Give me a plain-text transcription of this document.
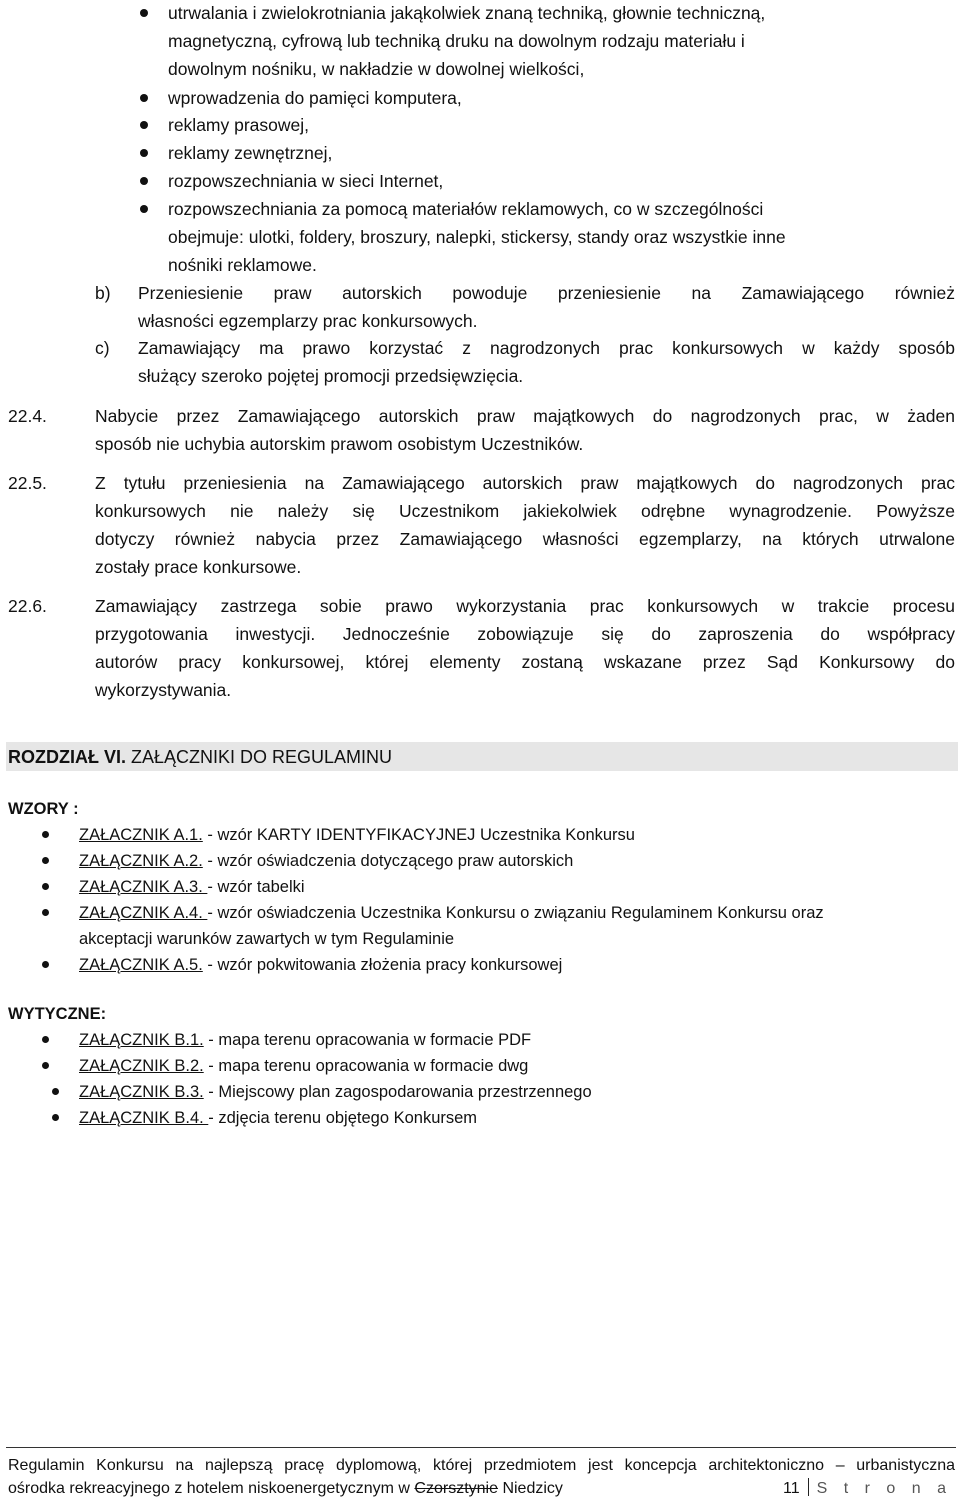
utrwalania i zwielokrotniania jakąkolwiek znaną techniką, głownie techniczną,
magnetyczną, cyfrową lub techniką druku na dowolnym rodzaju materiału i
dowolnym nośniku, w nakładzie w dowolnej wielkości,
wprowadzenia do pamięci komputera,
reklamy prasowej,
reklamy zewnętrznej,
rozpowszechniania w sieci Internet,
rozpowszechniania za pomocą materiałów reklamowych, co w szczególności
obejmuje: ulotki, foldery, broszury, nalepki, stickersy, standy oraz wszystkie inne
nośniki reklamowe.
b) Przeniesienie praw autorskich powoduje przeniesienie na Zamawiającego również
własności egzemplarzy prac konkursowych.
c) Zamawiający ma prawo korzystać z nagrodzonych prac konkursowych w każdy sposób
służący szeroko pojętej promocji przedsięwzięcia.
22.4.	Nabycie przez Zamawiającego autorskich praw majątkowych do nagrodzonych prac, w żaden
sposób nie uchybia autorskim prawom osobistym Uczestników.
22.5.	Z tytułu przeniesienia na Zamawiającego autorskich praw majątkowych do nagrodzonych prac
konkursowych nie należy się Uczestnikom jakiekolwiek odrębne wynagrodzenie. Powyższe
dotyczy również nabycia przez Zamawiającego własności egzemplarzy, na których utrwalone
zostały prace konkursowe.
22.6.	Zamawiający zastrzega sobie prawo wykorzystania prac konkursowych w trakcie procesu
przygotowania inwestycji. Jednocześnie zobowiązuje się do zaproszenia do współpracy
autorów pracy konkursowej, której elementy zostaną wskazane przez Sąd Konkursowy do
wykorzystywania.
ROZDZIAŁ VI. ZAŁĄCZNIKI DO REGULAMINU
WZORY :
ZAŁACZNIK A.1. - wzór KARTY IDENTYFIKACYJNEJ Uczestnika Konkursu
ZAŁĄCZNIK A.2. - wzór oświadczenia dotyczącego praw autorskich
ZAŁĄCZNIK A.3. - wzór tabelki
ZAŁĄCZNIK A.4. - wzór oświadczenia Uczestnika Konkursu o związaniu Regulaminem Konkursu oraz
akceptacji warunków zawartych w tym Regulaminie
ZAŁĄCZNIK A.5. - wzór pokwitowania złożenia pracy konkursowej
WYTYCZNE:
ZAŁĄCZNIK B.1. - mapa terenu opracowania w formacie PDF
ZAŁĄCZNIK B.2. - mapa terenu opracowania w formacie dwg
ZAŁĄCZNIK B.3. - Miejscowy plan zagospodarowania przestrzennego
ZAŁĄCZNIK B.4. - zdjęcia terenu objętego Konkursem
Regulamin Konkursu na najlepszą pracę dyplomową, której przedmiotem jest koncepcja architektoniczno – urbanistyczna
ośrodka rekreacyjnego z hotelem niskoenergetycznym w Czorsztynie Niedzicy	11 S t r o n a
